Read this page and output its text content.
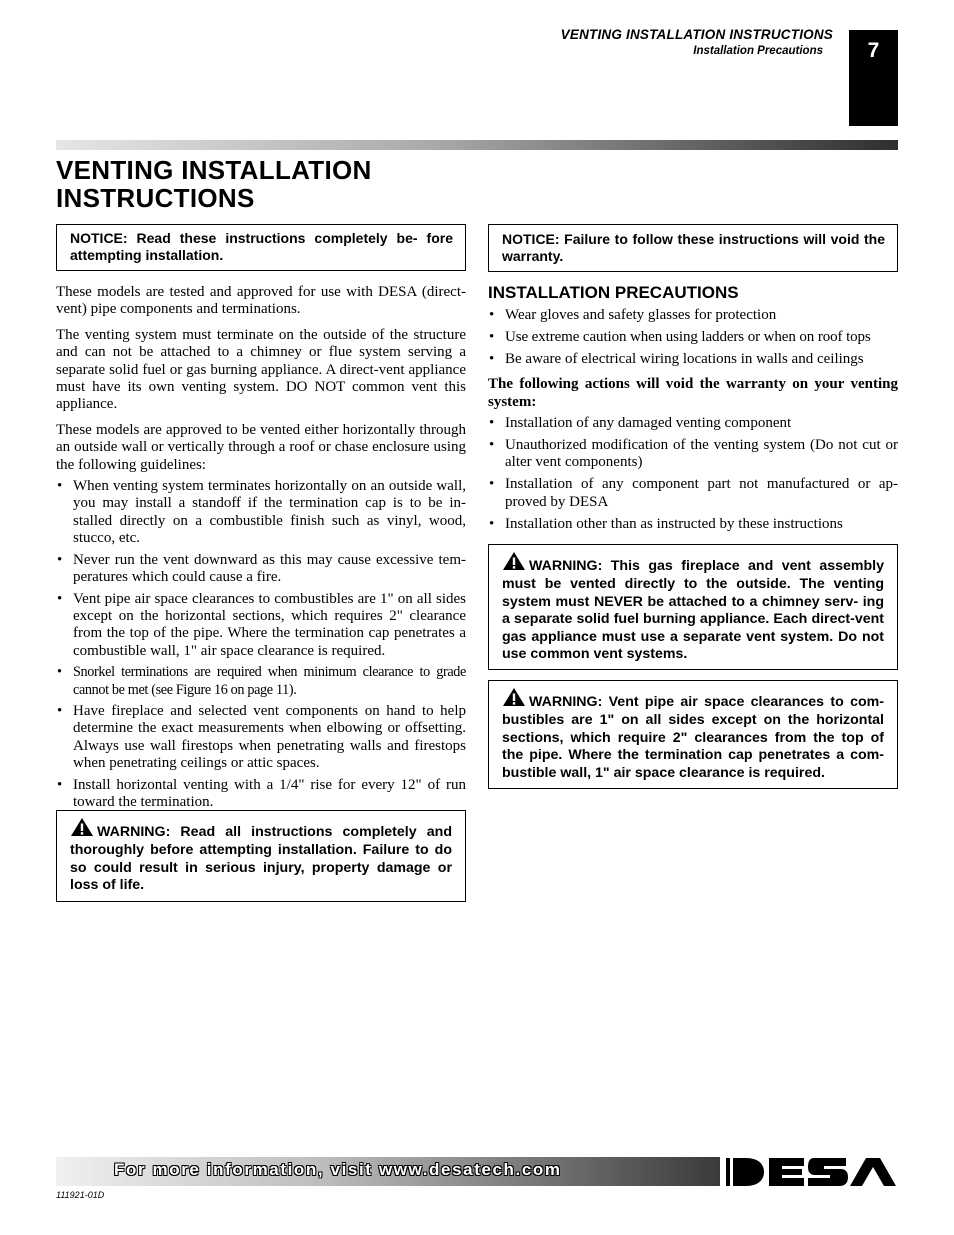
VENTING INSTALLATION INSTRUCTIONS
Installation Precautions	7
VENTING INSTALLATION
INSTRUCTIONS
NOTICE: Read these instructions completely be- fore attempting installation.

These models are tested and approved for use with DESA (direct-vent) pipe components and terminations.

The venting system must terminate on the outside of the structure and can not be attached to a chimney or flue system serving a separate solid fuel or gas burning appliance. A direct-vent appliance must have its own venting system. DO NOT common vent this appliance.

These models are approved to be vented either horizontally through an outside wall or vertically through a roof or chase enclosure using the following guidelines:

• When venting system terminates horizontally on an outside wall, you may install a standoff if the termination cap is to be in- stalled directly on a combustible finish such as vinyl, wood, stucco, etc.
• Never run the vent downward as this may cause excessive tem- peratures which could cause a fire.
• Vent pipe air space clearances to combustibles are 1" on all sides except on the horizontal sections, which requires 2" clearance from the top of the pipe. Where the termination cap penetrates a combustible wall, 1" air space clearance is required.
• Snorkel terminations are required when minimum clearance to grade cannot be met (see Figure 16 on page 11).
• Have fireplace and selected vent components on hand to help determine the exact measurements when elbowing or offsetting. Always use wall firestops when penetrating walls and firestops when penetrating ceilings or attic spaces.
• Install horizontal venting with a 1/4" rise for every 12" of run toward the termination.
WARNING: Read all instructions completely and thoroughly before attempting installation. Failure to do so could result in serious injury, property damage or loss of life.
NOTICE: Failure to follow these instructions will void the warranty.
INSTALLATION PRECAUTIONS
• Wear gloves and safety glasses for protection
• Use extreme caution when using ladders or when on roof tops
• Be aware of electrical wiring locations in walls and ceilings

The following actions will void the warranty on your venting system:

• Installation of any damaged venting component
• Unauthorized modification of the venting system (Do not cut or alter vent components)
• Installation of any component part not manufactured or ap- proved by DESA
• Installation other than as instructed by these instructions
WARNING: This gas fireplace and vent assembly must be vented directly to the outside. The venting system must NEVER be attached to a chimney serv- ing a separate solid fuel burning appliance. Each direct-vent gas appliance must use a separate vent system. Do not use common vent systems.
WARNING: Vent pipe air space clearances to com- bustibles are 1" on all sides except on the horizontal sections, which require 2" clearances from the top of the pipe. Where the termination cap penetrates a com- bustible wall, 1" air space clearance is required.
For more information, visit www.desatech.com
111921-01D
